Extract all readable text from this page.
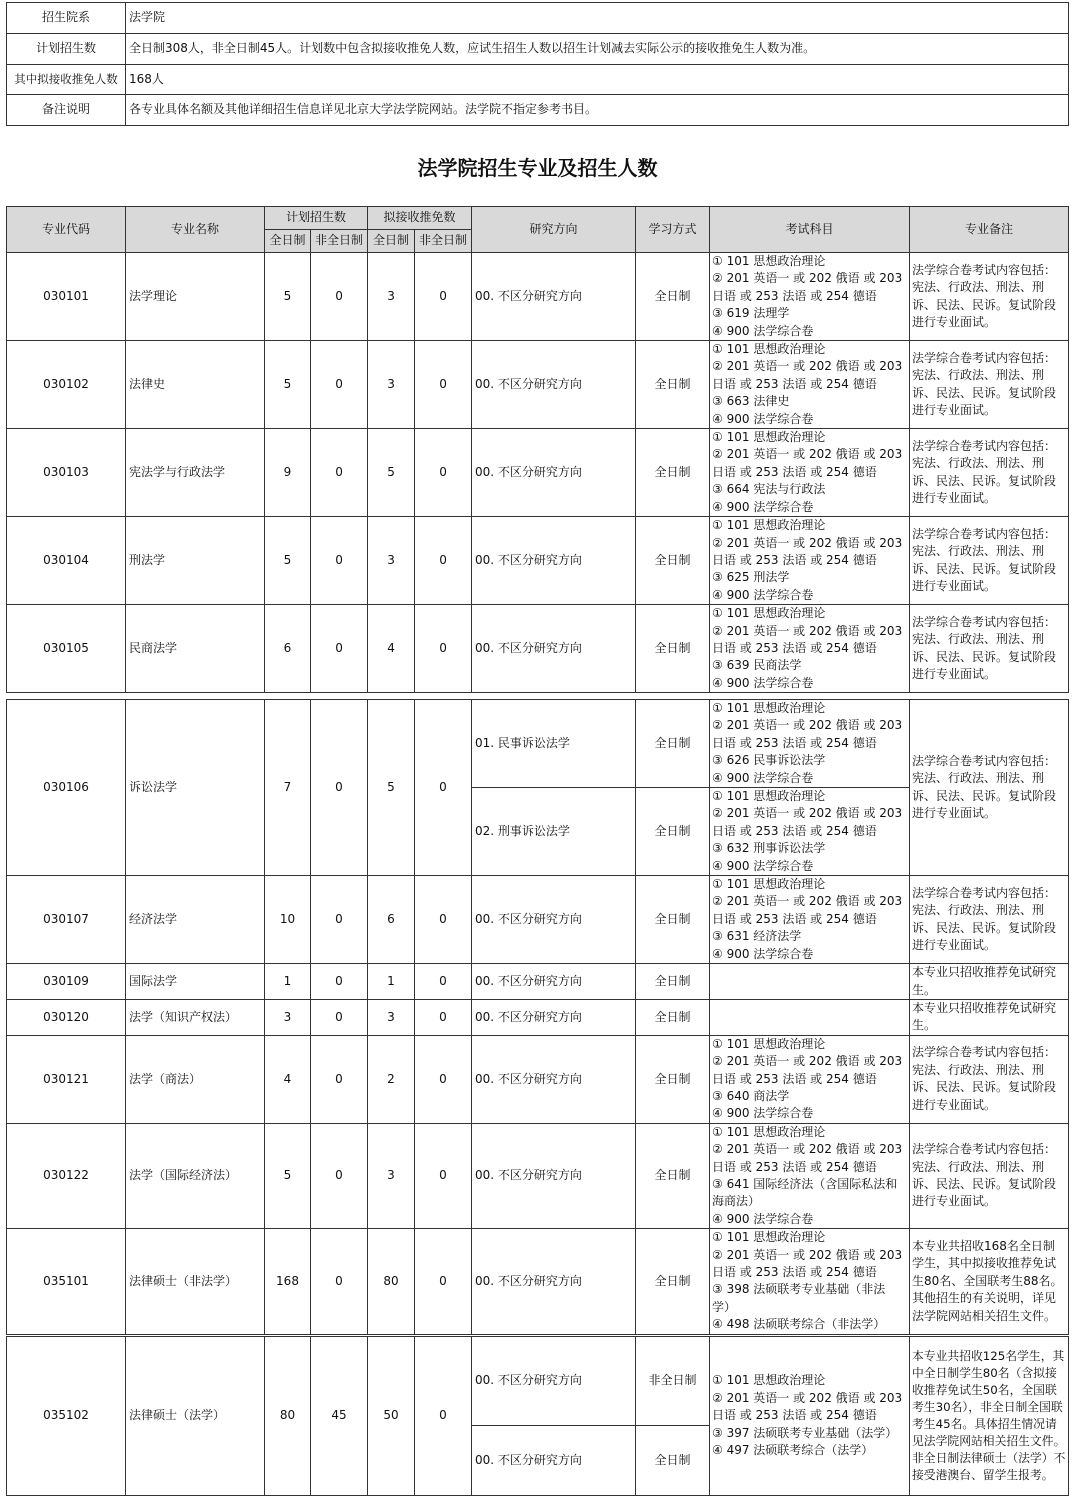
招生院系	法学院
计划招生数	全日制308人，非全日制45人。计划数中包含拟接收推免人数，应试生招生人数以招生计划减去实际公示的接收推免生人数为准。
其中拟接收推免人数	168人
备注说明	各专业具体名额及其他详细招生信息详见北京大学法学院网站。法学院不指定参考书目。
法学院招生专业及招生人数
专业代码	专业名称	计划招生数		拟接收推免数		研究方向	学习方式	考试科目	专业备注
		全日制	非全日制	全日制	非全日制				
030101	法学理论	5	0	3	0	00. 不区分研究方向	全日制	① 101 思想政治理论
② 201 英语一 或 202 俄语 或 203 日语 或 253 法语 或 254 德语
③ 619 法理学
④ 900 法学综合卷	法学综合卷考试内容包括：宪法、行政法、刑法、刑诉、民法、民诉。复试阶段进行专业面试。
030102	法律史	5	0	3	0	00. 不区分研究方向	全日制	① 101 思想政治理论
② 201 英语一 或 202 俄语 或 203 日语 或 253 法语 或 254 德语
③ 663 法律史
④ 900 法学综合卷	法学综合卷考试内容包括：宪法、行政法、刑法、刑诉、民法、民诉。复试阶段进行专业面试。
030103	宪法学与行政法学	9	0	5	0	00. 不区分研究方向	全日制	① 101 思想政治理论
② 201 英语一 或 202 俄语 或 203 日语 或 253 法语 或 254 德语
③ 664 宪法与行政法
④ 900 法学综合卷	法学综合卷考试内容包括：宪法、行政法、刑法、刑诉、民法、民诉。复试阶段进行专业面试。
030104	刑法学	5	0	3	0	00. 不区分研究方向	全日制	① 101 思想政治理论
② 201 英语一 或 202 俄语 或 203 日语 或 253 法语 或 254 德语
③ 625 刑法学
④ 900 法学综合卷	法学综合卷考试内容包括：宪法、行政法、刑法、刑诉、民法、民诉。复试阶段进行专业面试。
030105	民商法学	6	0	4	0	00. 不区分研究方向	全日制	① 101 思想政治理论
② 201 英语一 或 202 俄语 或 203 日语 或 253 法语 或 254 德语
③ 639 民商法学
④ 900 法学综合卷	法学综合卷考试内容包括：宪法、行政法、刑法、刑诉、民法、民诉。复试阶段进行专业面试。
030106	诉讼法学	7	0	5	0	01. 民事诉讼法学	全日制	① 101 思想政治理论
② 201 英语一 或 202 俄语 或 203 日语 或 253 法语 或 254 德语
③ 626 民事诉讼法学
④ 900 法学综合卷	法学综合卷考试内容包括：宪法、行政法、刑法、刑诉、民法、民诉。复试阶段进行专业面试。
						02. 刑事诉讼法学	全日制	① 101 思想政治理论
② 201 英语一 或 202 俄语 或 203 日语 或 253 法语 或 254 德语
③ 632 刑事诉讼法学
④ 900 法学综合卷	
030107	经济法学	10	0	6	0	00. 不区分研究方向	全日制	① 101 思想政治理论
② 201 英语一 或 202 俄语 或 203 日语 或 253 法语 或 254 德语
③ 631 经济法学
④ 900 法学综合卷	法学综合卷考试内容包括：宪法、行政法、刑法、刑诉、民法、民诉。复试阶段进行专业面试。
030109	国际法学	1	0	1	0	00. 不区分研究方向	全日制		本专业只招收推荐免试研究生。
030120	法学（知识产权法）	3	0	3	0	00. 不区分研究方向	全日制		本专业只招收推荐免试研究生。
030121	法学（商法）	4	0	2	0	00. 不区分研究方向	全日制	① 101 思想政治理论
② 201 英语一 或 202 俄语 或 203 日语 或 253 法语 或 254 德语
③ 640 商法学
④ 900 法学综合卷	法学综合卷考试内容包括：宪法、行政法、刑法、刑诉、民法、民诉。复试阶段进行专业面试。
030122	法学（国际经济法）	5	0	3	0	00. 不区分研究方向	全日制	① 101 思想政治理论
② 201 英语一 或 202 俄语 或 203 日语 或 253 法语 或 254 德语
③ 641 国际经济法（含国际私法和海商法）
④ 900 法学综合卷	法学综合卷考试内容包括：宪法、行政法、刑法、刑诉、民法、民诉。复试阶段进行专业面试。
035101	法律硕士（非法学）	168	0	80	0	00. 不区分研究方向	全日制	① 101 思想政治理论
② 201 英语一 或 202 俄语 或 203 日语 或 253 法语 或 254 德语
③ 398 法硕联考专业基础（非法学）
④ 498 法硕联考综合（非法学）	本专业共招收168名全日制学生，其中拟接收推荐免试生80名、全国联考生88名。其他招生的有关说明，详见法学院网站相关招生文件。
035102	法律硕士（法学）	80	45	50	0	00. 不区分研究方向	非全日制	① 101 思想政治理论
② 201 英语一 或 202 俄语 或 203 日语 或 253 法语 或 254 德语
③ 397 法硕联考专业基础（法学）
④ 497 法硕联考综合（法学）	本专业共招收125名学生，其中全日制学生80名（含拟接收推荐免试生50名，全国联考生30名），非全日制全国联考生45名。具体招生情况请见法学院网站相关招生文件。非全日制法律硕士（法学）不接受港澳台、留学生报考。
						00. 不区分研究方向	全日制		
